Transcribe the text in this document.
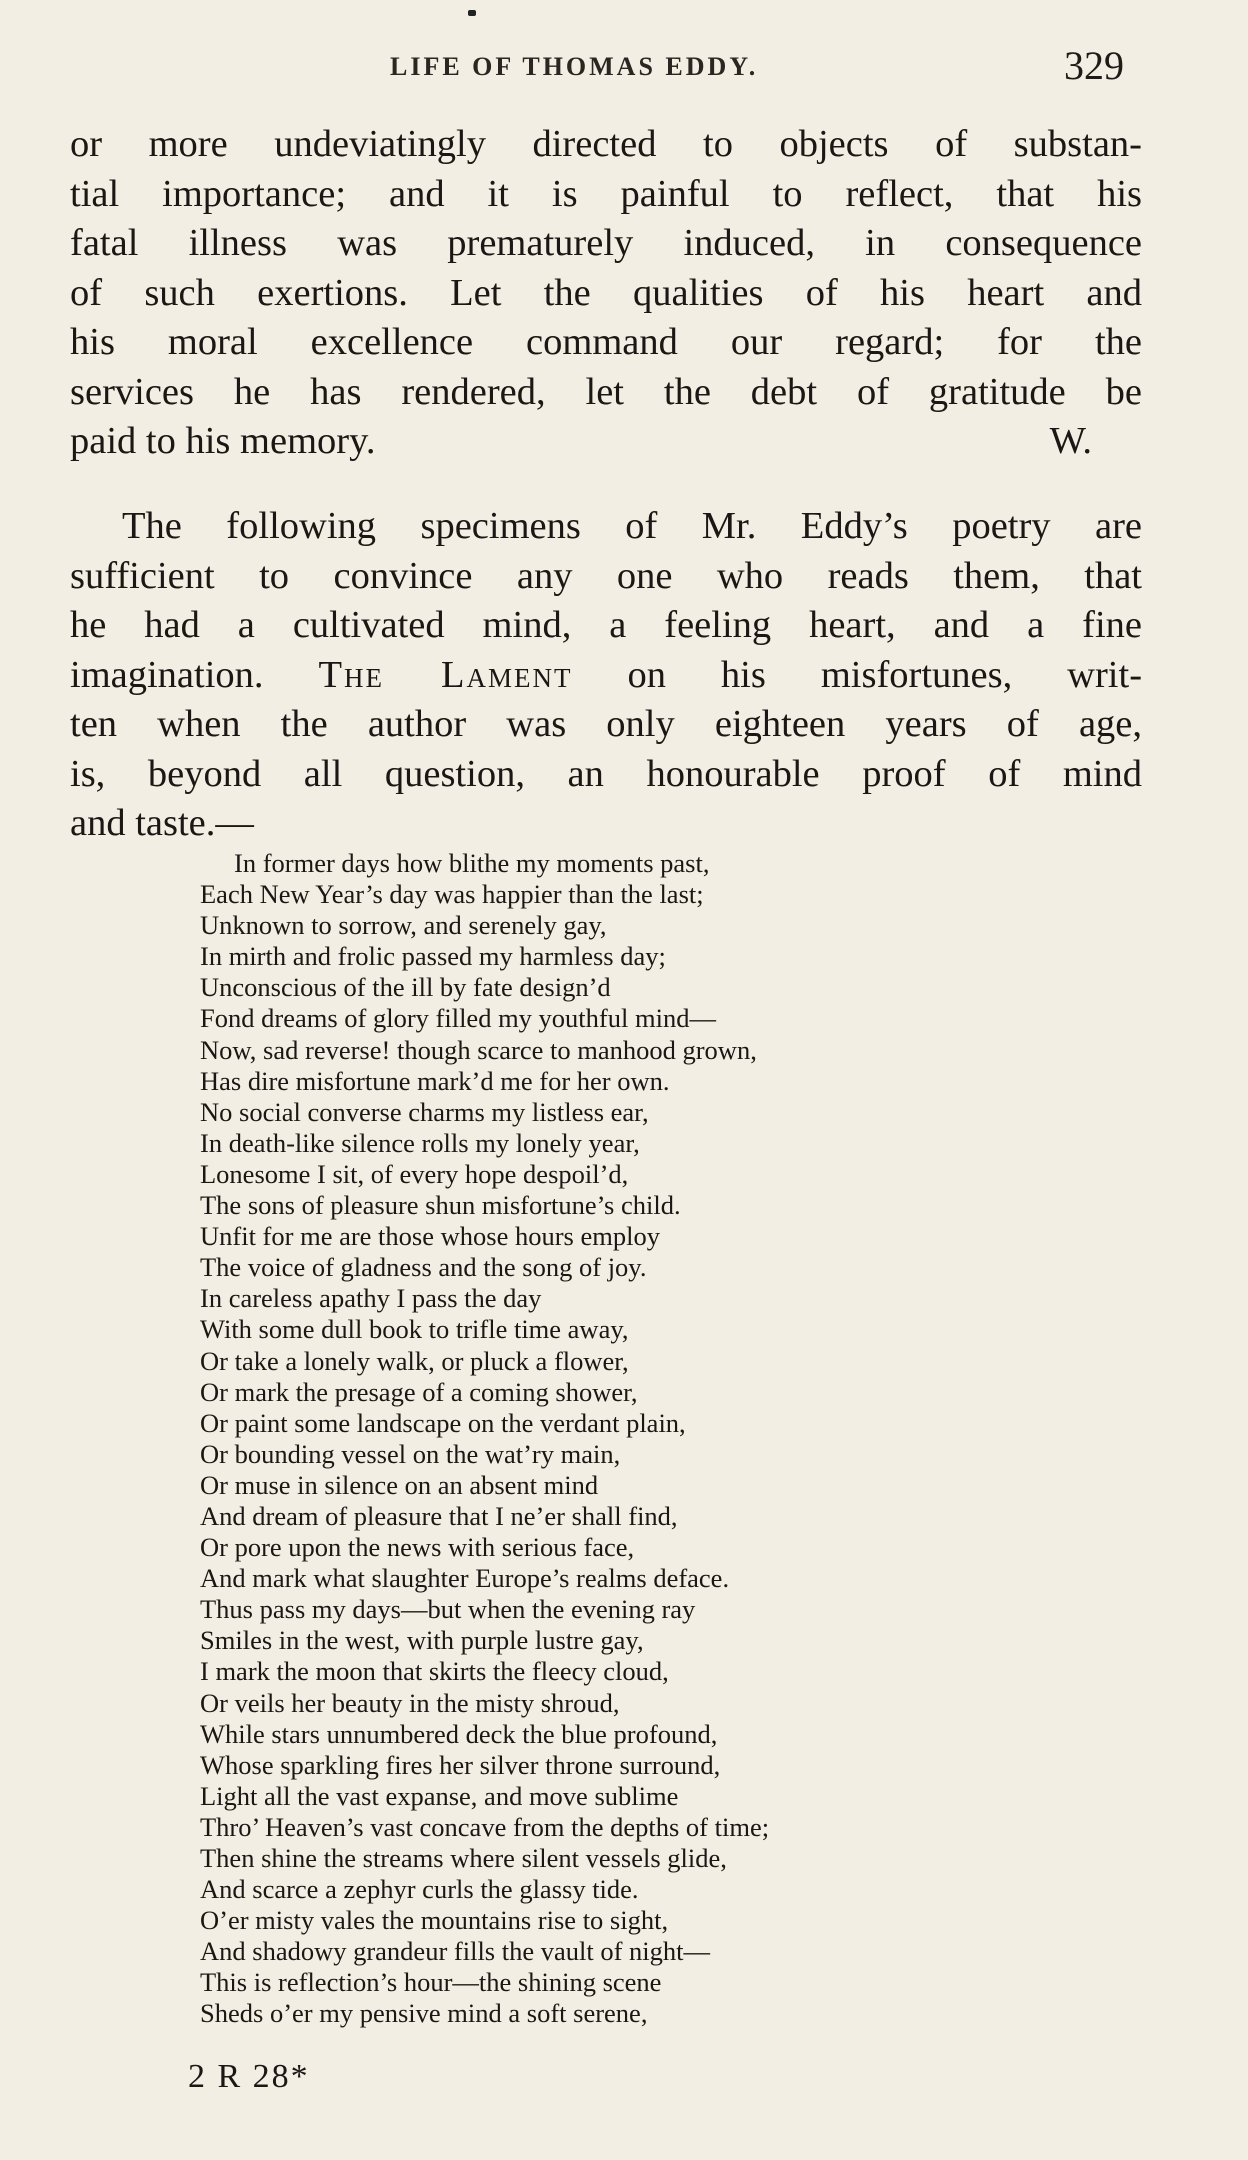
LIFE OF THOMAS EDDY.	329
or more undeviatingly directed to objects of substan-
tial importance; and it is painful to reflect, that his
fatal illness was prematurely induced, in consequence
of such exertions. Let the qualities of his heart and
his moral excellence command our regard; for the
services he has rendered, let the debt of gratitude be
paid to his memory.	W.
The following specimens of Mr. Eddy’s poetry are
sufficient to convince any one who reads them, that
he had a cultivated mind, a feeling heart, and a fine
imagination. The Lament on his misfortunes, writ-
ten when the author was only eighteen years of age,
is, beyond all question, an honourable proof of mind
and taste.—
In former days how blithe my moments past,
Each New Year’s day was happier than the last;
Unknown to sorrow, and serenely gay,
In mirth and frolic passed my harmless day;
Unconscious of the ill by fate design’d
Fond dreams of glory filled my youthful mind—
Now, sad reverse! though scarce to manhood grown,
Has dire misfortune mark’d me for her own.
No social converse charms my listless ear,
In death-like silence rolls my lonely year,
Lonesome I sit, of every hope despoil’d,
The sons of pleasure shun misfortune’s child.
Unfit for me are those whose hours employ
The voice of gladness and the song of joy.
In careless apathy I pass the day
With some dull book to trifle time away,
Or take a lonely walk, or pluck a flower,
Or mark the presage of a coming shower,
Or paint some landscape on the verdant plain,
Or bounding vessel on the wat’ry main,
Or muse in silence on an absent mind
And dream of pleasure that I ne’er shall find,
Or pore upon the news with serious face,
And mark what slaughter Europe’s realms deface.
Thus pass my days—but when the evening ray
Smiles in the west, with purple lustre gay,
I mark the moon that skirts the fleecy cloud,
Or veils her beauty in the misty shroud,
While stars unnumbered deck the blue profound,
Whose sparkling fires her silver throne surround,
Light all the vast expanse, and move sublime
Thro’ Heaven’s vast concave from the depths of time;
Then shine the streams where silent vessels glide,
And scarce a zephyr curls the glassy tide.
O’er misty vales the mountains rise to sight,
And shadowy grandeur fills the vault of night—
This is reflection’s hour—the shining scene
Sheds o’er my pensive mind a soft serene,
2 R 28*
